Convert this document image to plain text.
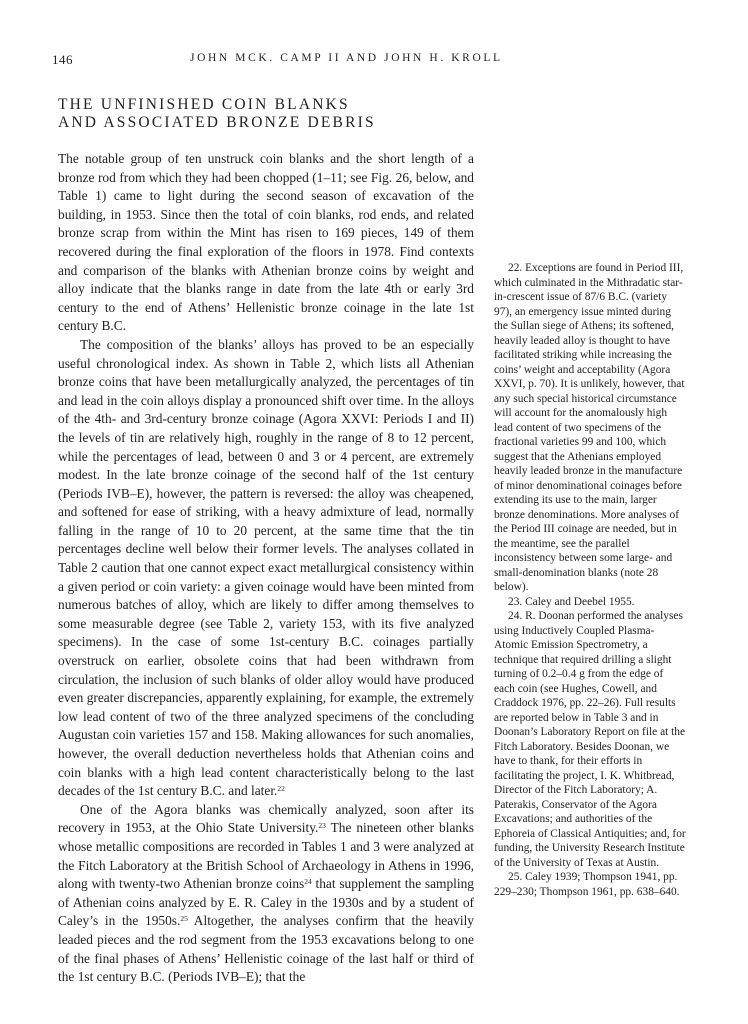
146	JOHN MCK. CAMP II AND JOHN H. KROLL
THE UNFINISHED COIN BLANKS
AND ASSOCIATED BRONZE DEBRIS

The notable group of ten unstruck coin blanks and the short length of a bronze rod from which they had been chopped (1–11; see Fig. 26, below, and Table 1) came to light during the second season of excavation of the building, in 1953. Since then the total of coin blanks, rod ends, and related bronze scrap from within the Mint has risen to 169 pieces, 149 of them recovered during the final exploration of the floors in 1978. Find contexts and comparison of the blanks with Athenian bronze coins by weight and alloy indicate that the blanks range in date from the late 4th or early 3rd century to the end of Athens’ Hellenistic bronze coinage in the late 1st century B.C.

The composition of the blanks’ alloys has proved to be an especially useful chronological index. As shown in Table 2, which lists all Athenian bronze coins that have been metallurgically analyzed, the percentages of tin and lead in the coin alloys display a pronounced shift over time. In the alloys of the 4th- and 3rd-century bronze coinage (Agora XXVI: Periods I and II) the levels of tin are relatively high, roughly in the range of 8 to 12 percent, while the percentages of lead, between 0 and 3 or 4 percent, are extremely modest. In the late bronze coinage of the second half of the 1st century (Periods IVB–E), however, the pattern is reversed: the alloy was cheapened, and softened for ease of striking, with a heavy admixture of lead, normally falling in the range of 10 to 20 percent, at the same time that the tin percentages decline well below their former levels. The analyses collated in Table 2 caution that one cannot expect exact metallurgical consistency within a given period or coin variety: a given coinage would have been minted from numerous batches of alloy, which are likely to differ among themselves to some measurable degree (see Table 2, variety 153, with its five analyzed specimens). In the case of some 1st-century B.C. coinages partially overstruck on earlier, obsolete coins that had been withdrawn from circulation, the inclusion of such blanks of older alloy would have produced even greater discrepancies, apparently explaining, for example, the extremely low lead content of two of the three analyzed specimens of the concluding Augustan coin varieties 157 and 158. Making allowances for such anomalies, however, the overall deduction nevertheless holds that Athenian coins and coin blanks with a high lead content characteristically belong to the last decades of the 1st century B.C. and later.$^{22}$

One of the Agora blanks was chemically analyzed, soon after its recovery in 1953, at the Ohio State University.$^{23}$ The nineteen other blanks whose metallic compositions are recorded in Tables 1 and 3 were analyzed at the Fitch Laboratory at the British School of Archaeology in Athens in 1996, along with twenty-two Athenian bronze coins$^{24}$ that supplement the sampling of Athenian coins analyzed by E. R. Caley in the 1930s and by a student of Caley’s in the 1950s.$^{25}$ Altogether, the analyses confirm that the heavily leaded pieces and the rod segment from the 1953 excavations belong to one of the final phases of Athens’ Hellenistic coinage of the last half or third of the 1st century B.C. (Periods IVB–E); that the

22. Exceptions are found in Period III, which culminated in the Mithradatic star-in-crescent issue of 87/6 B.C. (variety 97), an emergency issue minted during the Sullan siege of Athens; its softened, heavily leaded alloy is thought to have facilitated striking while increasing the coins’ weight and acceptability (Agora XXVI, p. 70). It is unlikely, however, that any such special historical circumstance will account for the anomalously high lead content of two specimens of the fractional varieties 99 and 100, which suggest that the Athenians employed heavily leaded bronze in the manufacture of minor denominational coinages before extending its use to the main, larger bronze denominations. More analyses of the Period III coinage are needed, but in the meantime, see the parallel inconsistency between some large- and small-denomination blanks (note 28 below).

23. Caley and Deebel 1955.

24. R. Doonan performed the analyses using Inductively Coupled Plasma-Atomic Emission Spectrometry, a technique that required drilling a slight turning of 0.2–0.4 g from the edge of each coin (see Hughes, Cowell, and Craddock 1976, pp. 22–26). Full results are reported below in Table 3 and in Doonan’s Laboratory Report on file at the Fitch Laboratory. Besides Doonan, we have to thank, for their efforts in facilitating the project, I. K. Whitbread, Director of the Fitch Laboratory; A. Paterakis, Conservator of the Agora Excavations; and authorities of the Ephoreia of Classical Antiquities; and, for funding, the University Research Institute of the University of Texas at Austin.

25. Caley 1939; Thompson 1941, pp. 229–230; Thompson 1961, pp. 638–640.
